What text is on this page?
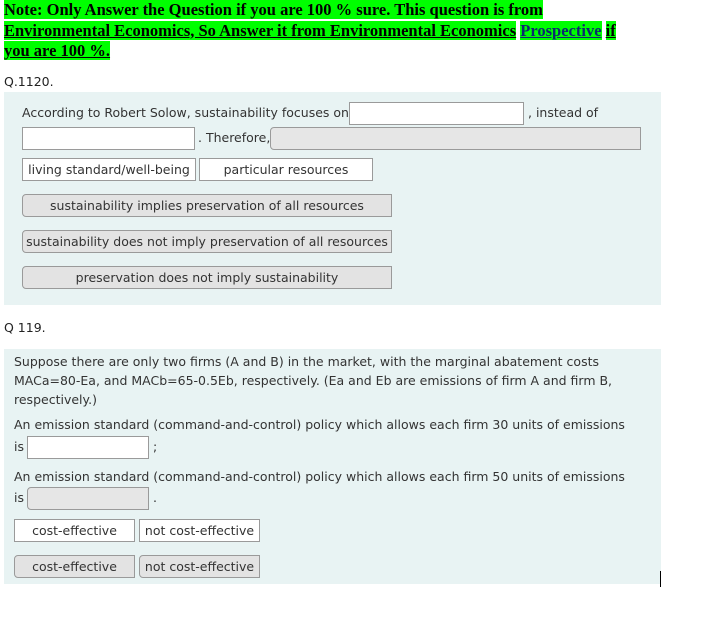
Note: Only Answer the Question if you are 100 % sure. This question is from
Environmental Economics, So Answer it from Environmental Economics Prospective if
you are 100 %.
Q.1120.
According to Robert Solow, sustainability focuses on	, instead of
. Therefore,
living standard/well-being	particular resources
sustainability implies preservation of all resources
sustainability does not imply preservation of all resources
preservation does not imply sustainability
Q 119.
Suppose there are only two firms (A and B) in the market, with the marginal abatement costs
MACa=80-Ea, and MACb=65-0.5Eb, respectively. (Ea and Eb are emissions of firm A and firm B,
respectively.)
An emission standard (command-and-control) policy which allows each firm 30 units of emissions
is	;
An emission standard (command-and-control) policy which allows each firm 50 units of emissions
is	.
cost-effective	not cost-effective
cost-effective	not cost-effective
